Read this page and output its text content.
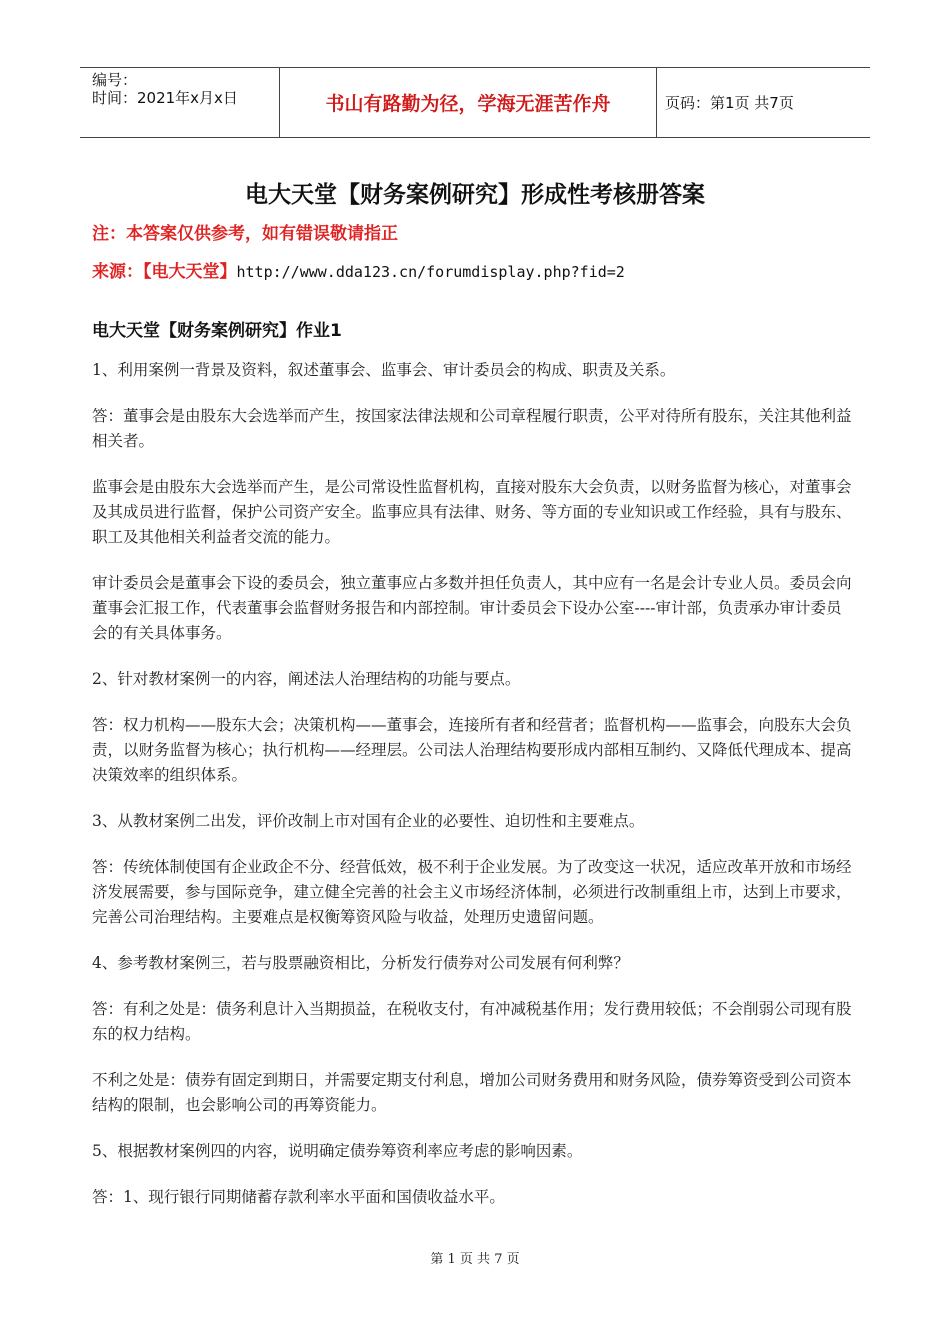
编号：
时间：2021年x月x日	书山有路勤为径，学海无涯苦作舟	页码：第1页 共7页
电大天堂【财务案例研究】形成性考核册答案
注：本答案仅供参考，如有错误敬请指正
来源：【电大天堂】http://www.dda123.cn/forumdisplay.php?fid=2
电大天堂【财务案例研究】作业1

1、利用案例一背景及资料，叙述董事会、监事会、审计委员会的构成、职责及关系。

答：董事会是由股东大会选举而产生，按国家法律法规和公司章程履行职责，公平对待所有股东，关注其他利益相关者。

监事会是由股东大会选举而产生，是公司常设性监督机构，直接对股东大会负责，以财务监督为核心，对董事会及其成员进行监督，保护公司资产安全。监事应具有法律、财务、等方面的专业知识或工作经验，具有与股东、职工及其他相关利益者交流的能力。

审计委员会是董事会下设的委员会，独立董事应占多数并担任负责人，其中应有一名是会计专业人员。委员会向董事会汇报工作，代表董事会监督财务报告和内部控制。审计委员会下设办公室----审计部，负责承办审计委员会的有关具体事务。

2、针对教材案例一的内容，阐述法人治理结构的功能与要点。

答：权力机构——股东大会；决策机构——董事会，连接所有者和经营者；监督机构——监事会，向股东大会负责，以财务监督为核心；执行机构——经理层。公司法人治理结构要形成内部相互制约、又降低代理成本、提高决策效率的组织体系。

3、从教材案例二出发，评价改制上市对国有企业的必要性、迫切性和主要难点。

答：传统体制使国有企业政企不分、经营低效，极不利于企业发展。为了改变这一状况，适应改革开放和市场经济发展需要，参与国际竞争，建立健全完善的社会主义市场经济体制，必须进行改制重组上市，达到上市要求，完善公司治理结构。主要难点是权衡筹资风险与收益，处理历史遗留问题。

4、参考教材案例三，若与股票融资相比，分析发行债券对公司发展有何利弊？

答：有利之处是：债务利息计入当期损益，在税收支付，有冲减税基作用；发行费用较低；不会削弱公司现有股东的权力结构。

不利之处是：债券有固定到期日，并需要定期支付利息，增加公司财务费用和财务风险，债券筹资受到公司资本结构的限制，也会影响公司的再筹资能力。

5、根据教材案例四的内容，说明确定债券筹资利率应考虑的影响因素。

答：1、现行银行同期储蓄存款利率水平面和国债收益水平。

第 1 页 共 7 页
